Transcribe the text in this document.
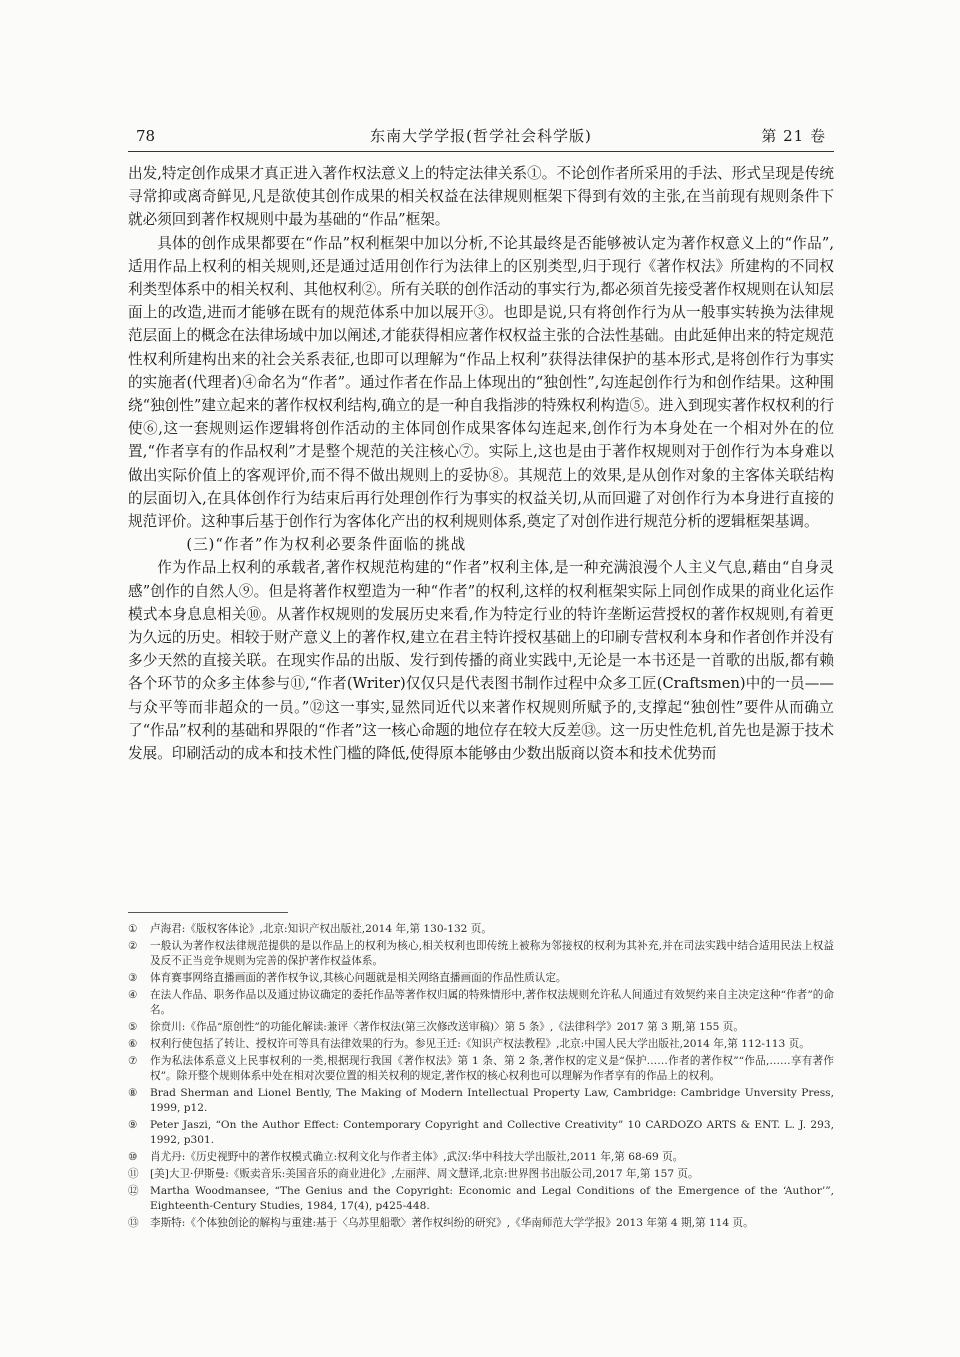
78	东南大学学报(哲学社会科学版)	第 21 卷

出发,特定创作成果才真正进入著作权法意义上的特定法律关系①。不论创作者所采用的手法、形式呈现是传统寻常抑或离奇鲜见,凡是欲使其创作成果的相关权益在法律规则框架下得到有效的主张,在当前现有规则条件下就必须回到著作权规则中最为基础的“作品”框架。

具体的创作成果都要在“作品”权利框架中加以分析,不论其最终是否能够被认定为著作权意义上的“作品”,适用作品上权利的相关规则,还是通过适用创作行为法律上的区别类型,归于现行《著作权法》所建构的不同权利类型体系中的相关权利、其他权利②。所有关联的创作活动的事实行为,都必须首先接受著作权规则在认知层面上的改造,进而才能够在既有的规范体系中加以展开③。也即是说,只有将创作行为从一般事实转换为法律规范层面上的概念在法律场域中加以阐述,才能获得相应著作权权益主张的合法性基础。由此延伸出来的特定规范性权利所建构出来的社会关系表征,也即可以理解为“作品上权利”获得法律保护的基本形式,是将创作行为事实的实施者(代理者)④命名为“作者”。通过作者在作品上体现出的“独创性”,勾连起创作行为和创作结果。这种围绕“独创性”建立起来的著作权权利结构,确立的是一种自我指涉的特殊权利构造⑤。进入到现实著作权权利的行使⑥,这一套规则运作逻辑将创作活动的主体同创作成果客体勾连起来,创作行为本身处在一个相对外在的位置,“作者享有的作品权利”才是整个规范的关注核心⑦。实际上,这也是由于著作权规则对于创作行为本身难以做出实际价值上的客观评价,而不得不做出规则上的妥协⑧。其规范上的效果,是从创作对象的主客体关联结构的层面切入,在具体创作行为结束后再行处理创作行为事实的权益关切,从而回避了对创作行为本身进行直接的规范评价。这种事后基于创作行为客体化产出的权利规则体系,奠定了对创作进行规范分析的逻辑框架基调。

(三)“作者”作为权利必要条件面临的挑战

作为作品上权利的承载者,著作权规范构建的“作者”权利主体,是一种充满浪漫个人主义气息,藉由“自身灵感”创作的自然人⑨。但是将著作权塑造为一种“作者”的权利,这样的权利框架实际上同创作成果的商业化运作模式本身息息相关⑩。从著作权规则的发展历史来看,作为特定行业的特许垄断运营授权的著作权规则,有着更为久远的历史。相较于财产意义上的著作权,建立在君主特许授权基础上的印刷专营权利本身和作者创作并没有多少天然的直接关联。在现实作品的出版、发行到传播的商业实践中,无论是一本书还是一首歌的出版,都有赖各个环节的众多主体参与⑪,“作者(Writer)仅仅只是代表图书制作过程中众多工匠(Craftsmen)中的一员——与众平等而非超众的一员。”⑫这一事实,显然同近代以来著作权规则所赋予的,支撑起“独创性”要件从而确立了“作品”权利的基础和界限的“作者”这一核心命题的地位存在较大反差⑬。这一历史性危机,首先也是源于技术发展。印刷活动的成本和技术性门槛的降低,使得原本能够由少数出版商以资本和技术优势而

①	卢海君:《版权客体论》,北京:知识产权出版社,2014 年,第 130-132 页。
②	一般认为著作权法律规范提供的是以作品上的权利为核心,相关权利也即传统上被称为邻接权的权利为其补充,并在司法实践中结合适用民法上权益及反不正当竞争规则为完善的保护著作权益体系。
③	体育赛事网络直播画面的著作权争议,其核心问题就是相关网络直播画面的作品性质认定。
④	在法人作品、职务作品以及通过协议确定的委托作品等著作权归属的特殊情形中,著作权法规则允许私人间通过有效契约来自主决定这种“作者”的命名。
⑤	徐贲川:《作品“原创性”的功能化解读:兼评〈著作权法(第三次修改送审稿)〉第 5 条》,《法律科学》2017 第 3 期,第 155 页。
⑥	权利行使包括了转让、授权许可等具有法律效果的行为。参见王迁:《知识产权法教程》,北京:中国人民大学出版社,2014 年,第 112-113 页。
⑦	作为私法体系意义上民事权利的一类,根据现行我国《著作权法》第 1 条、第 2 条,著作权的定义是“保护……作者的著作权”“作品,……享有著作权”。除开整个规则体系中处在相对次要位置的相关权利的规定,著作权的核心权利也可以理解为作者享有的作品上的权利。
⑧	Brad Sherman and Lionel Bently, The Making of Modern Intellectual Property Law, Cambridge: Cambridge Unversity Press, 1999, p12.
⑨	Peter Jaszi, “On the Author Effect: Contemporary Copyright and Collective Creativity” 10 CARDOZO ARTS & ENT. L. J. 293, 1992, p301.
⑩	肖尤丹:《历史视野中的著作权模式确立:权利文化与作者主体》,武汉:华中科技大学出版社,2011 年,第 68-69 页。
⑪	[美]大卫·伊斯曼:《贩卖音乐:美国音乐的商业进化》,左丽萍、周文慧译,北京:世界图书出版公司,2017 年,第 157 页。
⑫	Martha Woodmansee, “The Genius and the Copyright: Economic and Legal Conditions of the Emergence of the ‘Author’”, Eighteenth-Century Studies, 1984, 17(4), p425-448.
⑬	李斯特:《个体独创论的解构与重建:基于〈乌苏里船歌〉著作权纠纷的研究》,《华南师范大学学报》2013 年第 4 期,第 114 页。
